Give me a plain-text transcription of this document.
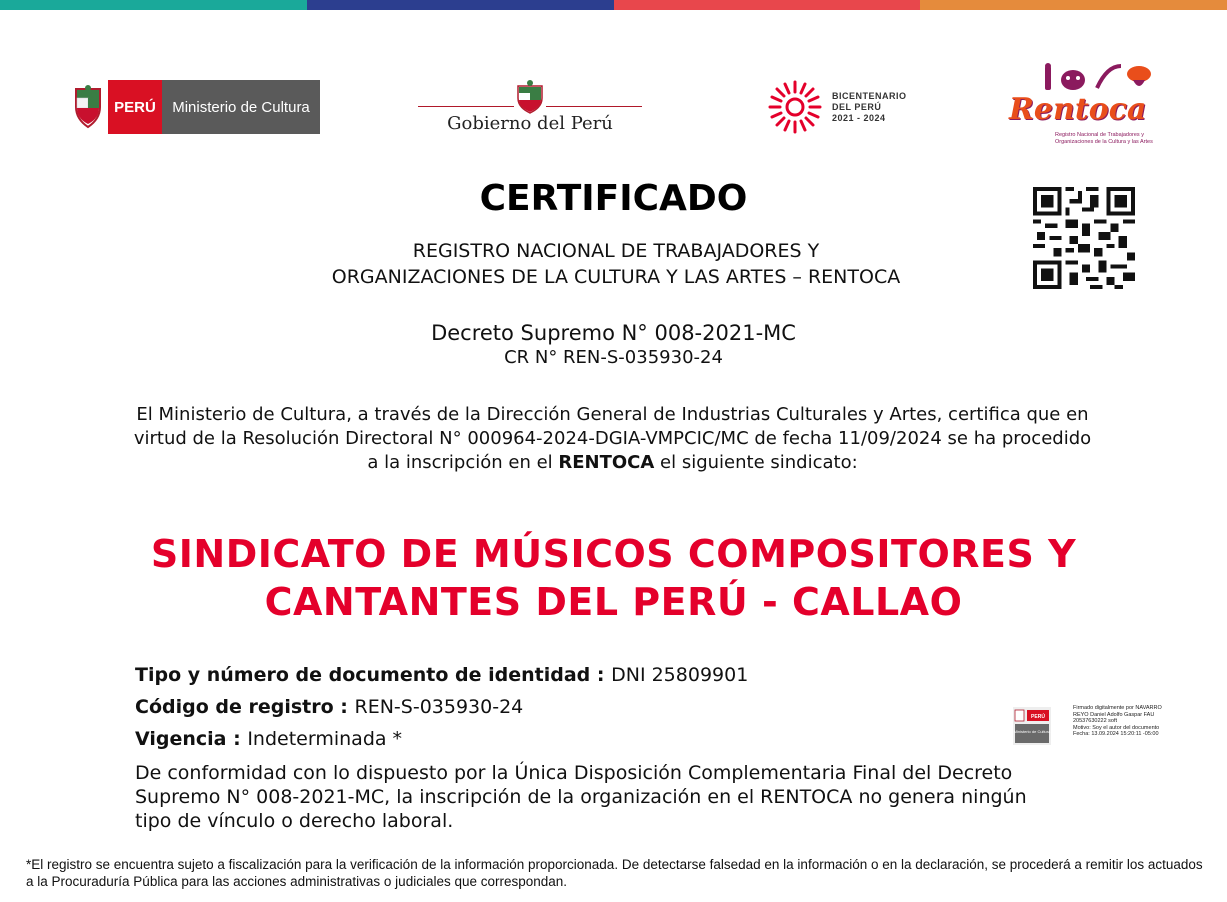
PERÚ	Ministerio de Cultura
Gobierno del Perú
BICENTENARIO
DEL PERÚ
2021 - 2024	Rentoca
Registro Nacional de Trabajadores y Organizaciones de la Cultura y las Artes
CERTIFICADO
REGISTRO NACIONAL DE TRABAJADORES Y
ORGANIZACIONES DE LA CULTURA Y LAS ARTES – RENTOCA
Decreto Supremo N° 008-2021-MC
CR N° REN-S-035930-24
El Ministerio de Cultura, a través de la Dirección General de Industrias Culturales y Artes, certifica que en virtud de la Resolución Directoral N° 000964-2024-DGIA-VMPCIC/MC de fecha 11/09/2024 se ha procedido a la inscripción en el RENTOCA el siguiente sindicato:
SINDICATO DE MÚSICOS COMPOSITORES Y
CANTANTES DEL PERÚ - CALLAO
Tipo y número de documento de identidad : DNI 25809901
Código de registro : REN-S-035930-24
Vigencia : Indeterminada *
De conformidad con lo dispuesto por la Única Disposición Complementaria Final del Decreto Supremo N° 008-2021-MC, la inscripción de la organización en el RENTOCA no genera ningún tipo de vínculo o derecho laboral.
PERÚ
Ministerio de Cultura
Firmado digitalmente por NAVARRO
REYO Daniel Adolfo Gaspar FAU
20537630222 soft
Motivo: Soy el autor del documento
Fecha: 13.09.2024 15:20:11 -05:00
*El registro se encuentra sujeto a fiscalización para la verificación de la información proporcionada. De detectarse falsedad en la información o en la declaración, se procederá a remitir los actuados a la Procuraduría Pública para las acciones administrativas o judiciales que correspondan.
